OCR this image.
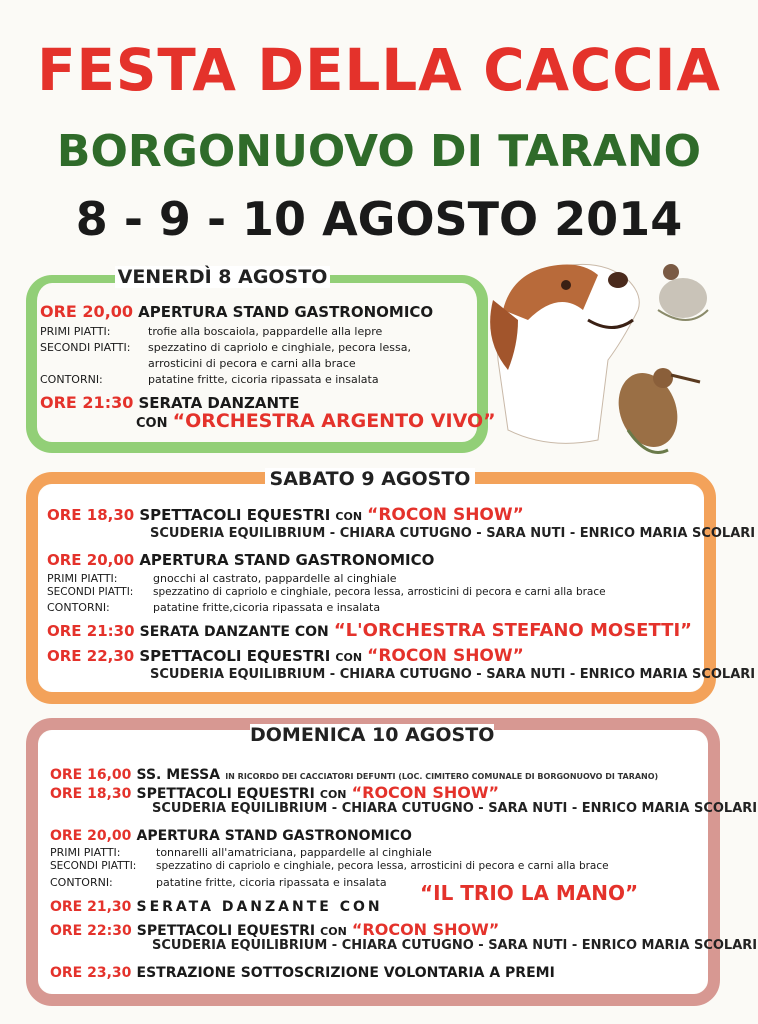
FESTA DELLA CACCIA
BORGONUOVO DI TARANO
8 - 9 - 10 AGOSTO 2014
VENERDÌ 8 AGOSTO
ORE 20,00 APERTURA STAND GASTRONOMICO
PRIMI PIATTI:	trofie alla boscaiola, pappardelle alla lepre
SECONDI PIATTI: spezzatino di capriolo e cinghiale, pecora lessa,
arrosticini di pecora e carni alla brace
CONTORNI:	patatine fritte, cicoria ripassata e insalata
ORE 21:30 SERATA DANZANTE
CON “ORCHESTRA ARGENTO VIVO”
SABATO 9 AGOSTO
ORE 18,30 SPETTACOLI EQUESTRI CON “ROCON SHOW”
SCUDERIA EQUILIBRIUM - CHIARA CUTUGNO - SARA NUTI - ENRICO MARIA SCOLARI
ORE 20,00 APERTURA STAND GASTRONOMICO
PRIMI PIATTI:	gnocchi al castrato, pappardelle al cinghiale
SECONDI PIATTI: spezzatino di capriolo e cinghiale, pecora lessa, arrosticini di pecora e carni alla brace
CONTORNI:	patatine fritte,cicoria ripassata e insalata
ORE 21:30 SERATA DANZANTE CON “L'ORCHESTRA STEFANO MOSETTI”
ORE 22,30 SPETTACOLI EQUESTRI CON “ROCON SHOW”
SCUDERIA EQUILIBRIUM - CHIARA CUTUGNO - SARA NUTI - ENRICO MARIA SCOLARI
DOMENICA 10 AGOSTO
ORE 16,00 SS. MESSA IN RICORDO DEI CACCIATORI DEFUNTI (LOC. CIMITERO COMUNALE DI BORGONUOVO DI TARANO)
ORE 18,30 SPETTACOLI EQUESTRI CON “ROCON SHOW”
SCUDERIA EQUILIBRIUM - CHIARA CUTUGNO - SARA NUTI - ENRICO MARIA SCOLARI
ORE 20,00 APERTURA STAND GASTRONOMICO
PRIMI PIATTI:	tonnarelli all'amatriciana, pappardelle al cinghiale
SECONDI PIATTI: spezzatino di capriolo e cinghiale, pecora lessa, arrosticini di pecora e carni alla brace
CONTORNI:	patatine fritte, cicoria ripassata e insalata
ORE 21,30 SERATA DANZANTE CON
“IL TRIO LA MANO”
ORE 22:30 SPETTACOLI EQUESTRI CON “ROCON SHOW”
SCUDERIA EQUILIBRIUM - CHIARA CUTUGNO - SARA NUTI - ENRICO MARIA SCOLARI
ORE 23,30 ESTRAZIONE SOTTOSCRIZIONE VOLONTARIA A PREMI
